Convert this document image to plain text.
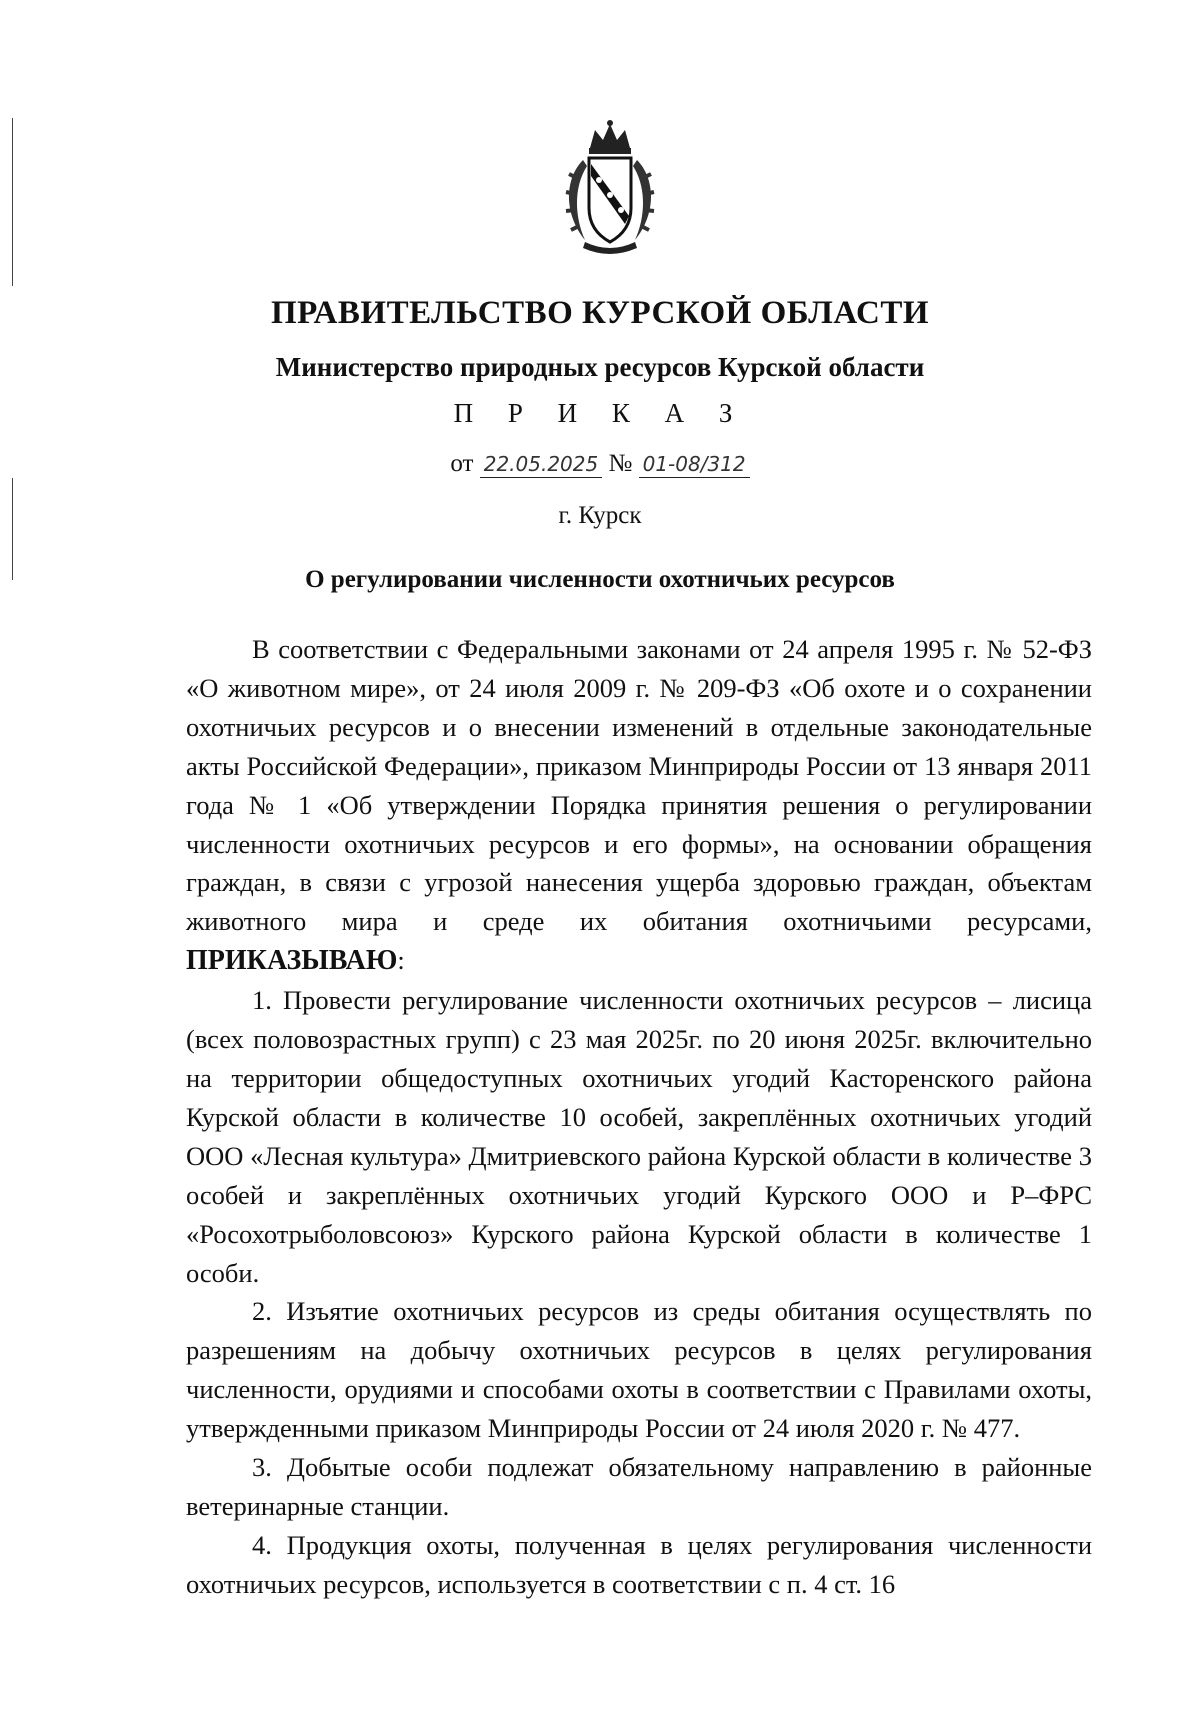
ПРАВИТЕЛЬСТВО КУРСКОЙ ОБЛАСТИ
Министерство природных ресурсов Курской области
П Р И К А З
от 22.05.2025 № 01-08/312
г. Курск
О регулировании численности охотничьих ресурсов

В соответствии с Федеральными законами от 24 апреля 1995 г. № 52-ФЗ «О животном мире», от 24 июля 2009 г. № 209-ФЗ «Об охоте и о сохранении охотничьих ресурсов и о внесении изменений в отдельные законодательные акты Российской Федерации», приказом Минприроды России от 13 января 2011 года № 1 «Об утверждении Порядка принятия решения о регулировании численности охотничьих ресурсов и его формы», на основании обращения граждан, в связи с угрозой нанесения ущерба здоровью граждан, объектам животного мира и среде их обитания охотничьими ресурсами, ПРИКАЗЫВАЮ:

1. Провести регулирование численности охотничьих ресурсов – лисица (всех половозрастных групп) с 23 мая 2025г. по 20 июня 2025г. включительно на территории общедоступных охотничьих угодий Касторенского района Курской области в количестве 10 особей, закреплённых охотничьих угодий ООО «Лесная культура» Дмитриевского района Курской области в количестве 3 особей и закреплённых охотничьих угодий Курского ООО и Р–ФРС «Росохотрыболовсоюз» Курского района Курской области в количестве 1 особи.

2. Изъятие охотничьих ресурсов из среды обитания осуществлять по разрешениям на добычу охотничьих ресурсов в целях регулирования численности, орудиями и способами охоты в соответствии с Правилами охоты, утвержденными приказом Минприроды России от 24 июля 2020 г. № 477.

3. Добытые особи подлежат обязательному направлению в районные ветеринарные станции.

4. Продукция охоты, полученная в целях регулирования численности охотничьих ресурсов, используется в соответствии с п. 4 ст. 16
